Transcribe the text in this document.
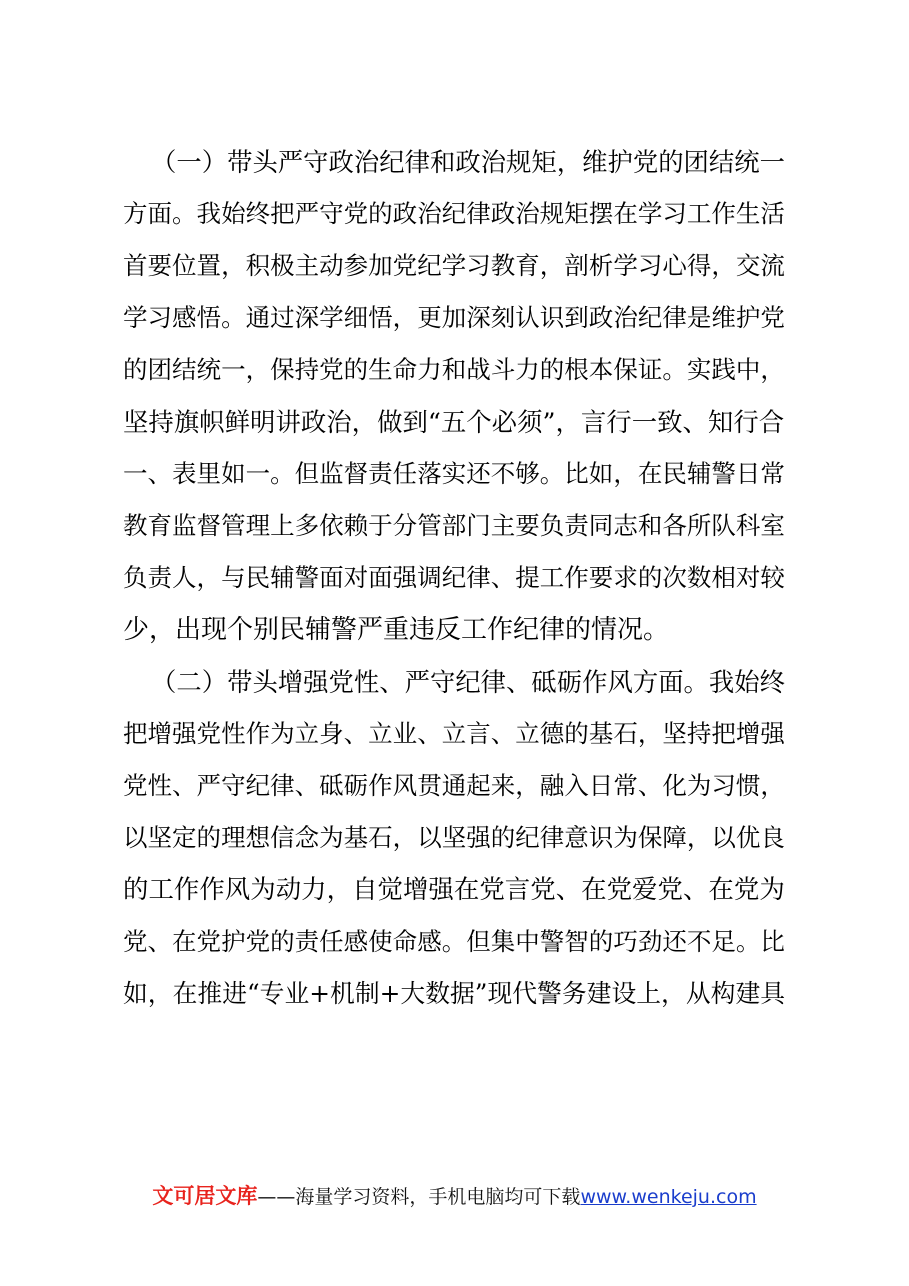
（一）带头严守政治纪律和政治规矩，维护党的团结统一
方面。我始终把严守党的政治纪律政治规矩摆在学习工作生活
首要位置，积极主动参加党纪学习教育，剖析学习心得，交流
学习感悟。通过深学细悟，更加深刻认识到政治纪律是维护党
的团结统一，保持党的生命力和战斗力的根本保证。实践中，
坚持旗帜鲜明讲政治，做到“五个必须”，言行一致、知行合
一、表里如一。但监督责任落实还不够。比如，在民辅警日常
教育监督管理上多依赖于分管部门主要负责同志和各所队科室
负责人，与民辅警面对面强调纪律、提工作要求的次数相对较
少，出现个别民辅警严重违反工作纪律的情况。
（二）带头增强党性、严守纪律、砥砺作风方面。我始终
把增强党性作为立身、立业、立言、立德的基石，坚持把增强
党性、严守纪律、砥砺作风贯通起来，融入日常、化为习惯，
以坚定的理想信念为基石，以坚强的纪律意识为保障，以优良
的工作作风为动力，自觉增强在党言党、在党爱党、在党为
党、在党护党的责任感使命感。但集中警智的巧劲还不足。比
如，在推进“专业+机制+大数据”现代警务建设上，从构建具
文可居文库——海量学习资料，手机电脑均可下载www.wenkeju.com
